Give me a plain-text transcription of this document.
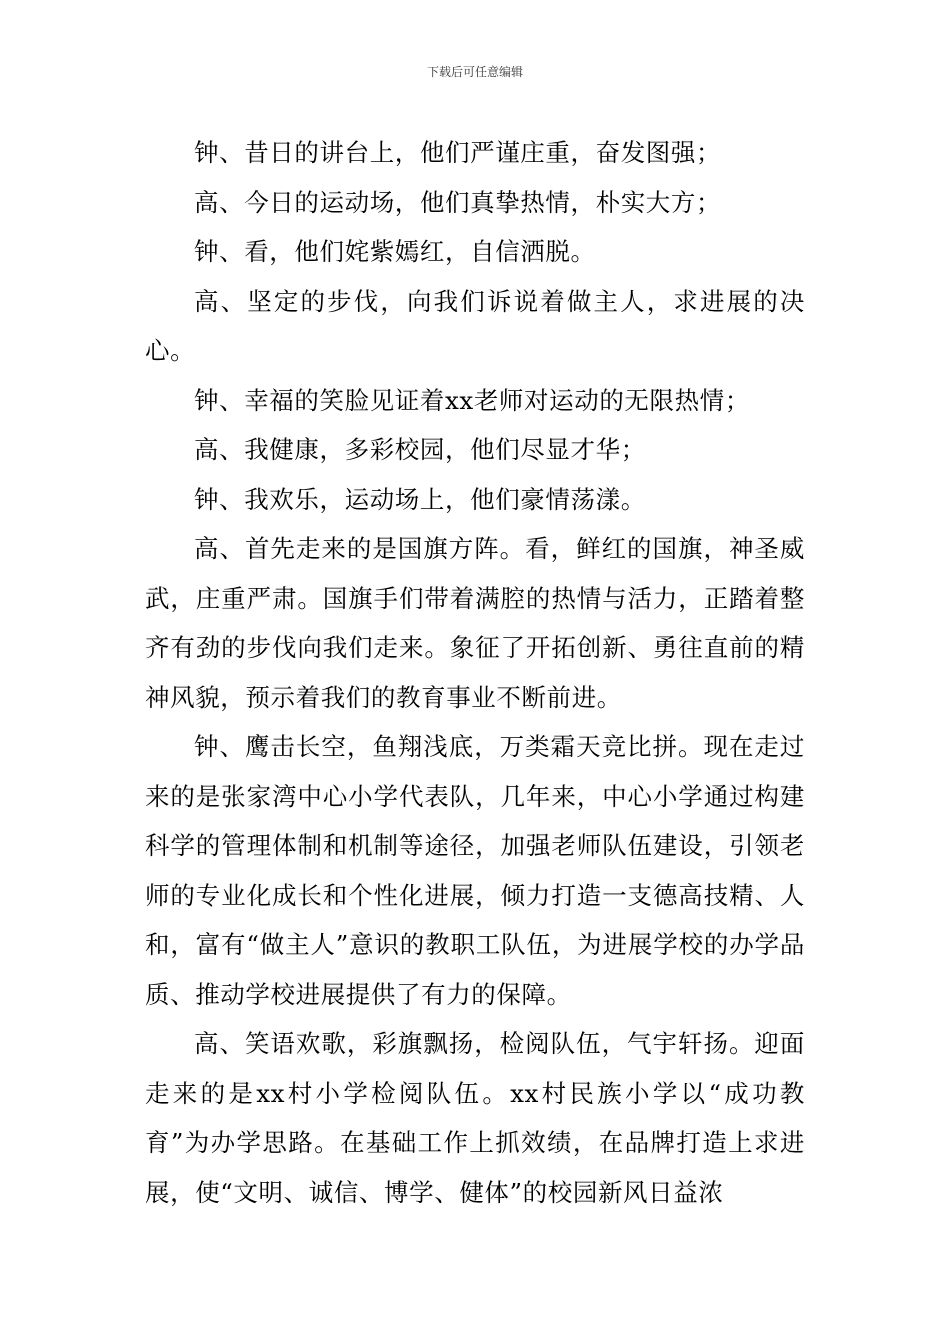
下载后可任意编辑

钟、昔日的讲台上，他们严谨庄重，奋发图强；

高、今日的运动场，他们真挚热情，朴实大方；

钟、看，他们姹紫嫣红，自信洒脱。

高、坚定的步伐，向我们诉说着做主人，求进展的决心。

钟、幸福的笑脸见证着xx老师对运动的无限热情；

高、我健康，多彩校园，他们尽显才华；

钟、我欢乐，运动场上，他们豪情荡漾。

高、首先走来的是国旗方阵。看，鲜红的国旗，神圣威武，庄重严肃。国旗手们带着满腔的热情与活力，正踏着整齐有劲的步伐向我们走来。象征了开拓创新、勇往直前的精神风貌，预示着我们的教育事业不断前进。

钟、鹰击长空，鱼翔浅底，万类霜天竞比拼。现在走过来的是张家湾中心小学代表队，几年来，中心小学通过构建科学的管理体制和机制等途径，加强老师队伍建设，引领老师的专业化成长和个性化进展，倾力打造一支德高技精、人和，富有“做主人”意识的教职工队伍，为进展学校的办学品质、推动学校进展提供了有力的保障。

高、笑语欢歌，彩旗飘扬，检阅队伍，气宇轩扬。迎面走来的是xx村小学检阅队伍。xx村民族小学以“成功教育”为办学思路。在基础工作上抓效绩，在品牌打造上求进展，使“文明、诚信、博学、健体”的校园新风日益浓
